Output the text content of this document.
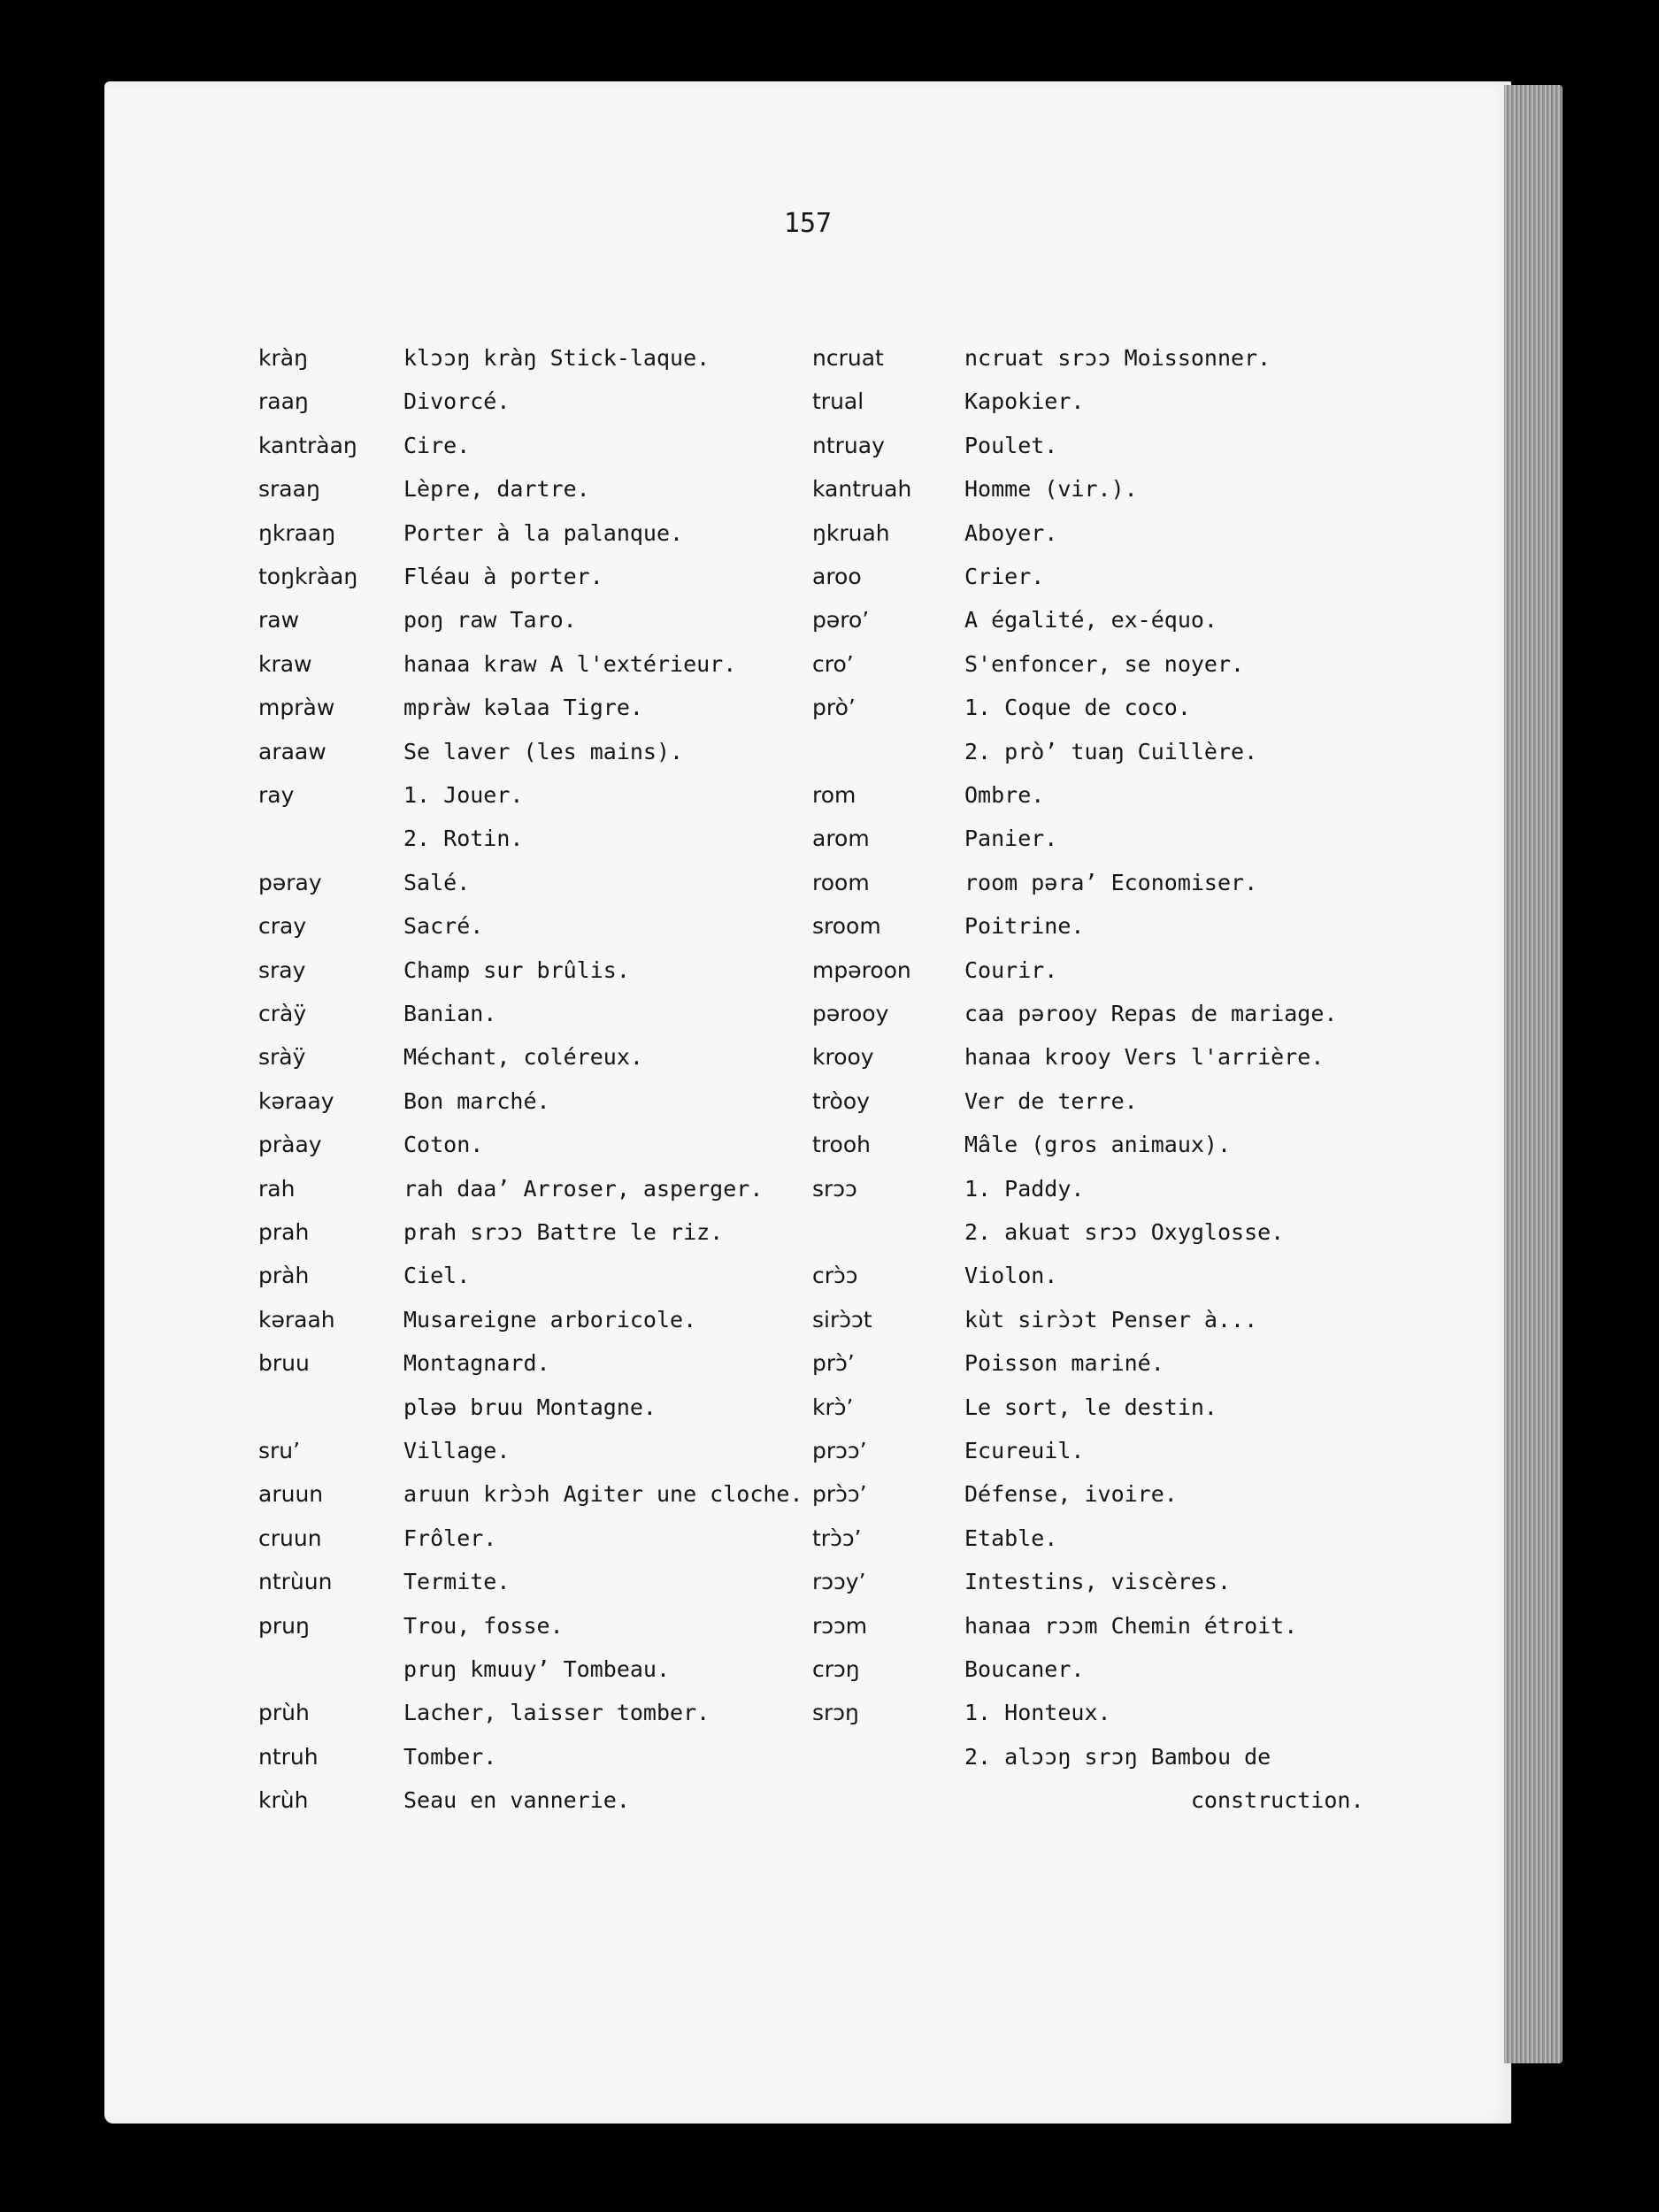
157
kràŋ	klɔɔŋ kràŋ Stick-laque.
raaŋ	Divorcé.
kantràaŋ Cire.
sraaŋ	Lèpre, dartre.
ŋkraaŋ	Porter à la palanque.
toŋkràaŋ Fléau à porter.
raw	poŋ raw Taro.
kraw	hanaa kraw A l'extérieur.
mpràw	mpràw kəlaa Tigre.
araaw	Se laver (les mains).
ray	1. Jouer.
2. Rotin.
pəray	Salé.
cray	Sacré.
sray	Champ sur brûlis.
cràÿ	Banian.
sràÿ	Méchant, coléreux.
kəraay	Bon marché.
pràay	Coton.
rah	rah daa’ Arroser, asperger.
prah	prah srɔɔ Battre le riz.
pràh	Ciel.
kəraah	Musareigne arboricole.
bruu	Montagnard.
pləə bruu Montagne.
sru’	Village.
aruun	aruun krɔ̀ɔh Agiter une cloche.
cruun	Frôler.
ntrùun	Termite.
pruŋ	Trou, fosse.
pruŋ kmuuy’ Tombeau.
prùh	Lacher, laisser tomber.
ntruh	Tomber.
krùh	Seau en vannerie.
ncruat	ncruat srɔɔ Moissonner.
trual	Kapokier.
ntruay	Poulet.
kantruah Homme (vir.).
ŋkruah	Aboyer.
aroo	Crier.
pəro’	A égalité, ex-équo.
cro’	S'enfoncer, se noyer.
prò’	1. Coque de coco.
2. prò’ tuaŋ Cuillère.
rom	Ombre.
arom	Panier.
room	room pəra’ Economiser.
sroom	Poitrine.
mpəroon Courir.
pərooy	caa pərooy Repas de mariage.
krooy	hanaa krooy Vers l'arrière.
tròoy	Ver de terre.
trooh	Mâle (gros animaux).
srɔɔ	1. Paddy.
2. akuat srɔɔ Oxyglosse.
crɔ̀ɔ	Violon.
sirɔ̀ɔt	kùt sirɔ̀ɔt Penser à...
prɔ̀’	Poisson mariné.
krɔ̀’	Le sort, le destin.
prɔɔ’	Ecureuil.
prɔ̀ɔ’	Défense, ivoire.
trɔ̀ɔ’	Etable.
rɔɔy’	Intestins, viscères.
rɔɔm	hanaa rɔɔm Chemin étroit.
crɔŋ	Boucaner.
srɔŋ	1. Honteux.
2. alɔɔŋ srɔŋ Bambou de
construction.
